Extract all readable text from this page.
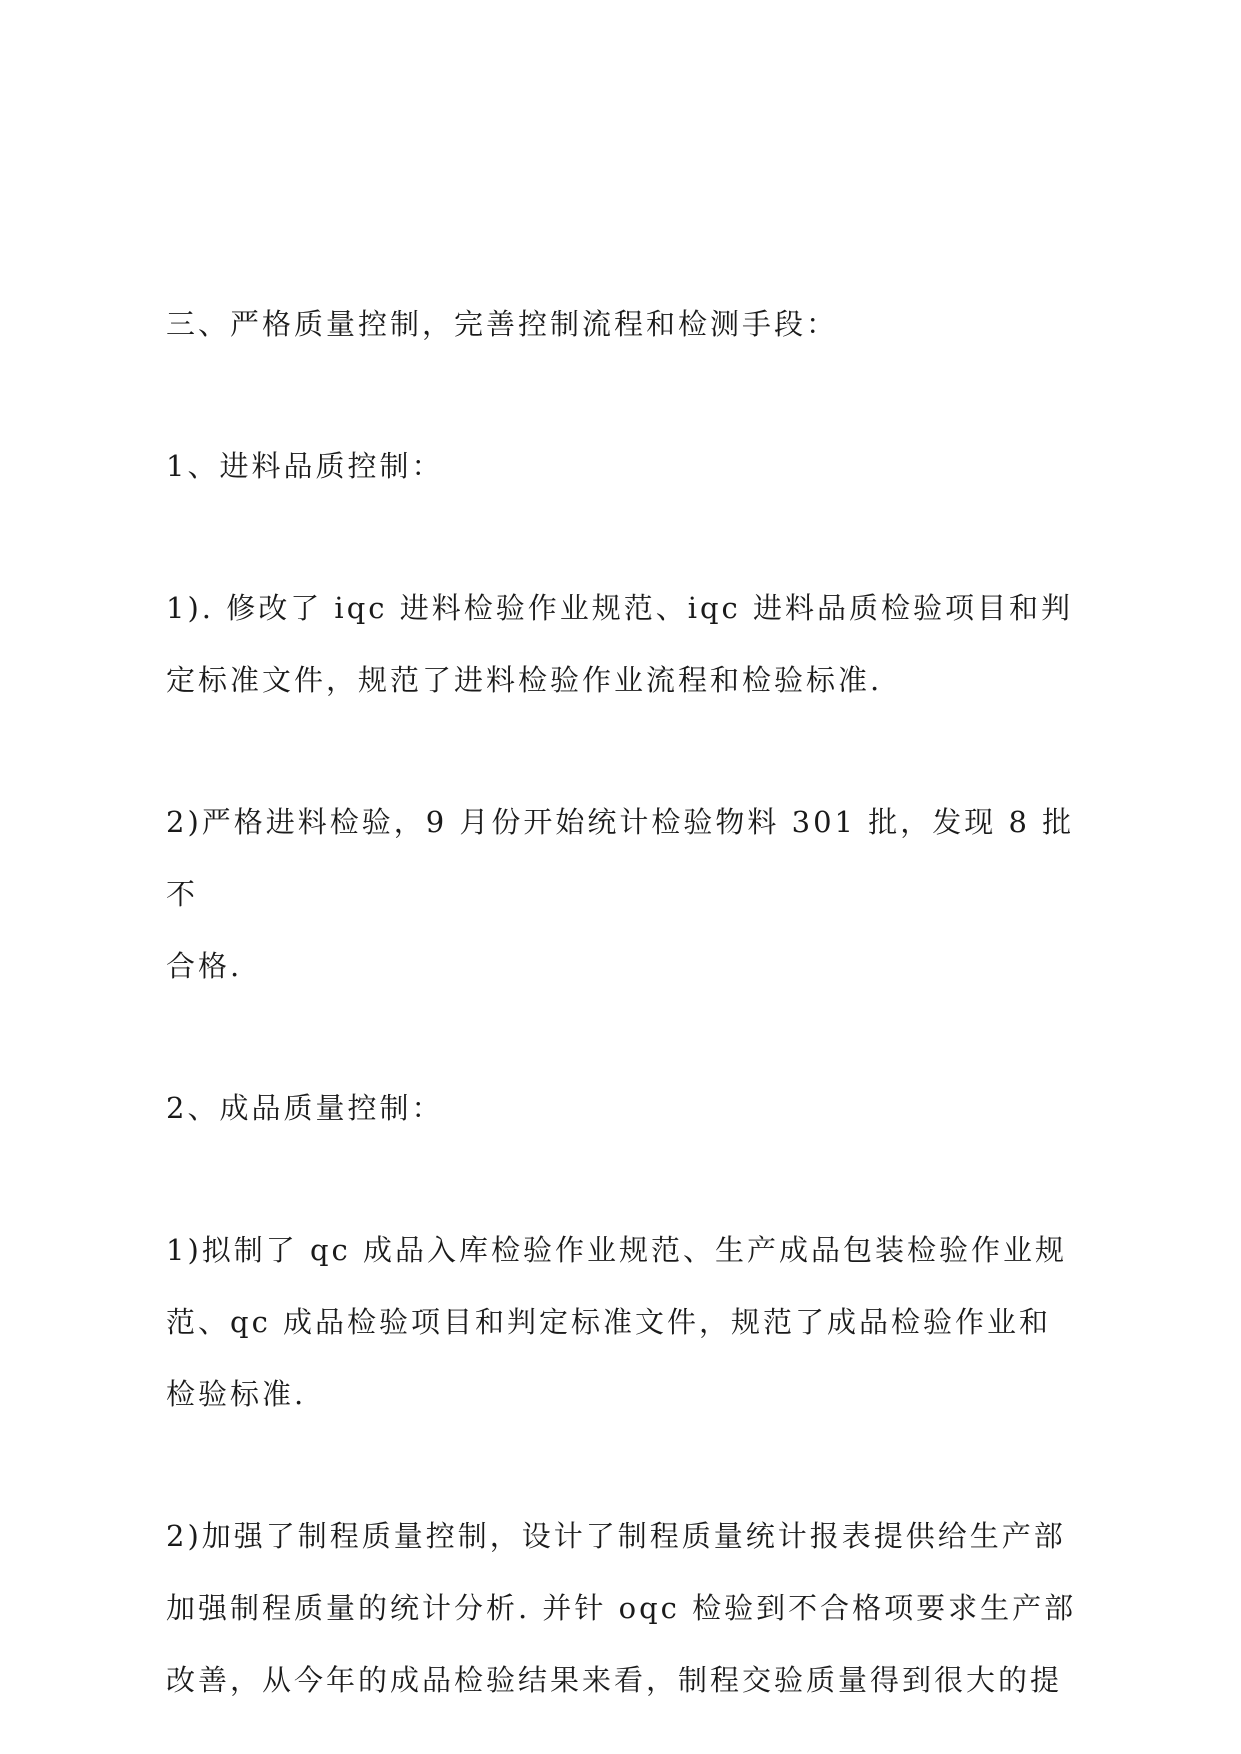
三、严格质量控制，完善控制流程和检测手段：

1、进料品质控制：

1). 修改了 iqc 进料检验作业规范、iqc 进料品质检验项目和判
定标准文件，规范了进料检验作业流程和检验标准.

2)严格进料检验，9 月份开始统计检验物料 301 批，发现 8 批不
合格.

2、成品质量控制：

1)拟制了 qc 成品入库检验作业规范、生产成品包装检验作业规
范、qc 成品检验项目和判定标准文件，规范了成品检验作业和
检验标准.

2)加强了制程质量控制，设计了制程质量统计报表提供给生产部
加强制程质量的统计分析. 并针 oqc 检验到不合格项要求生产部
改善，从今年的成品检验结果来看，制程交验质量得到很大的提
